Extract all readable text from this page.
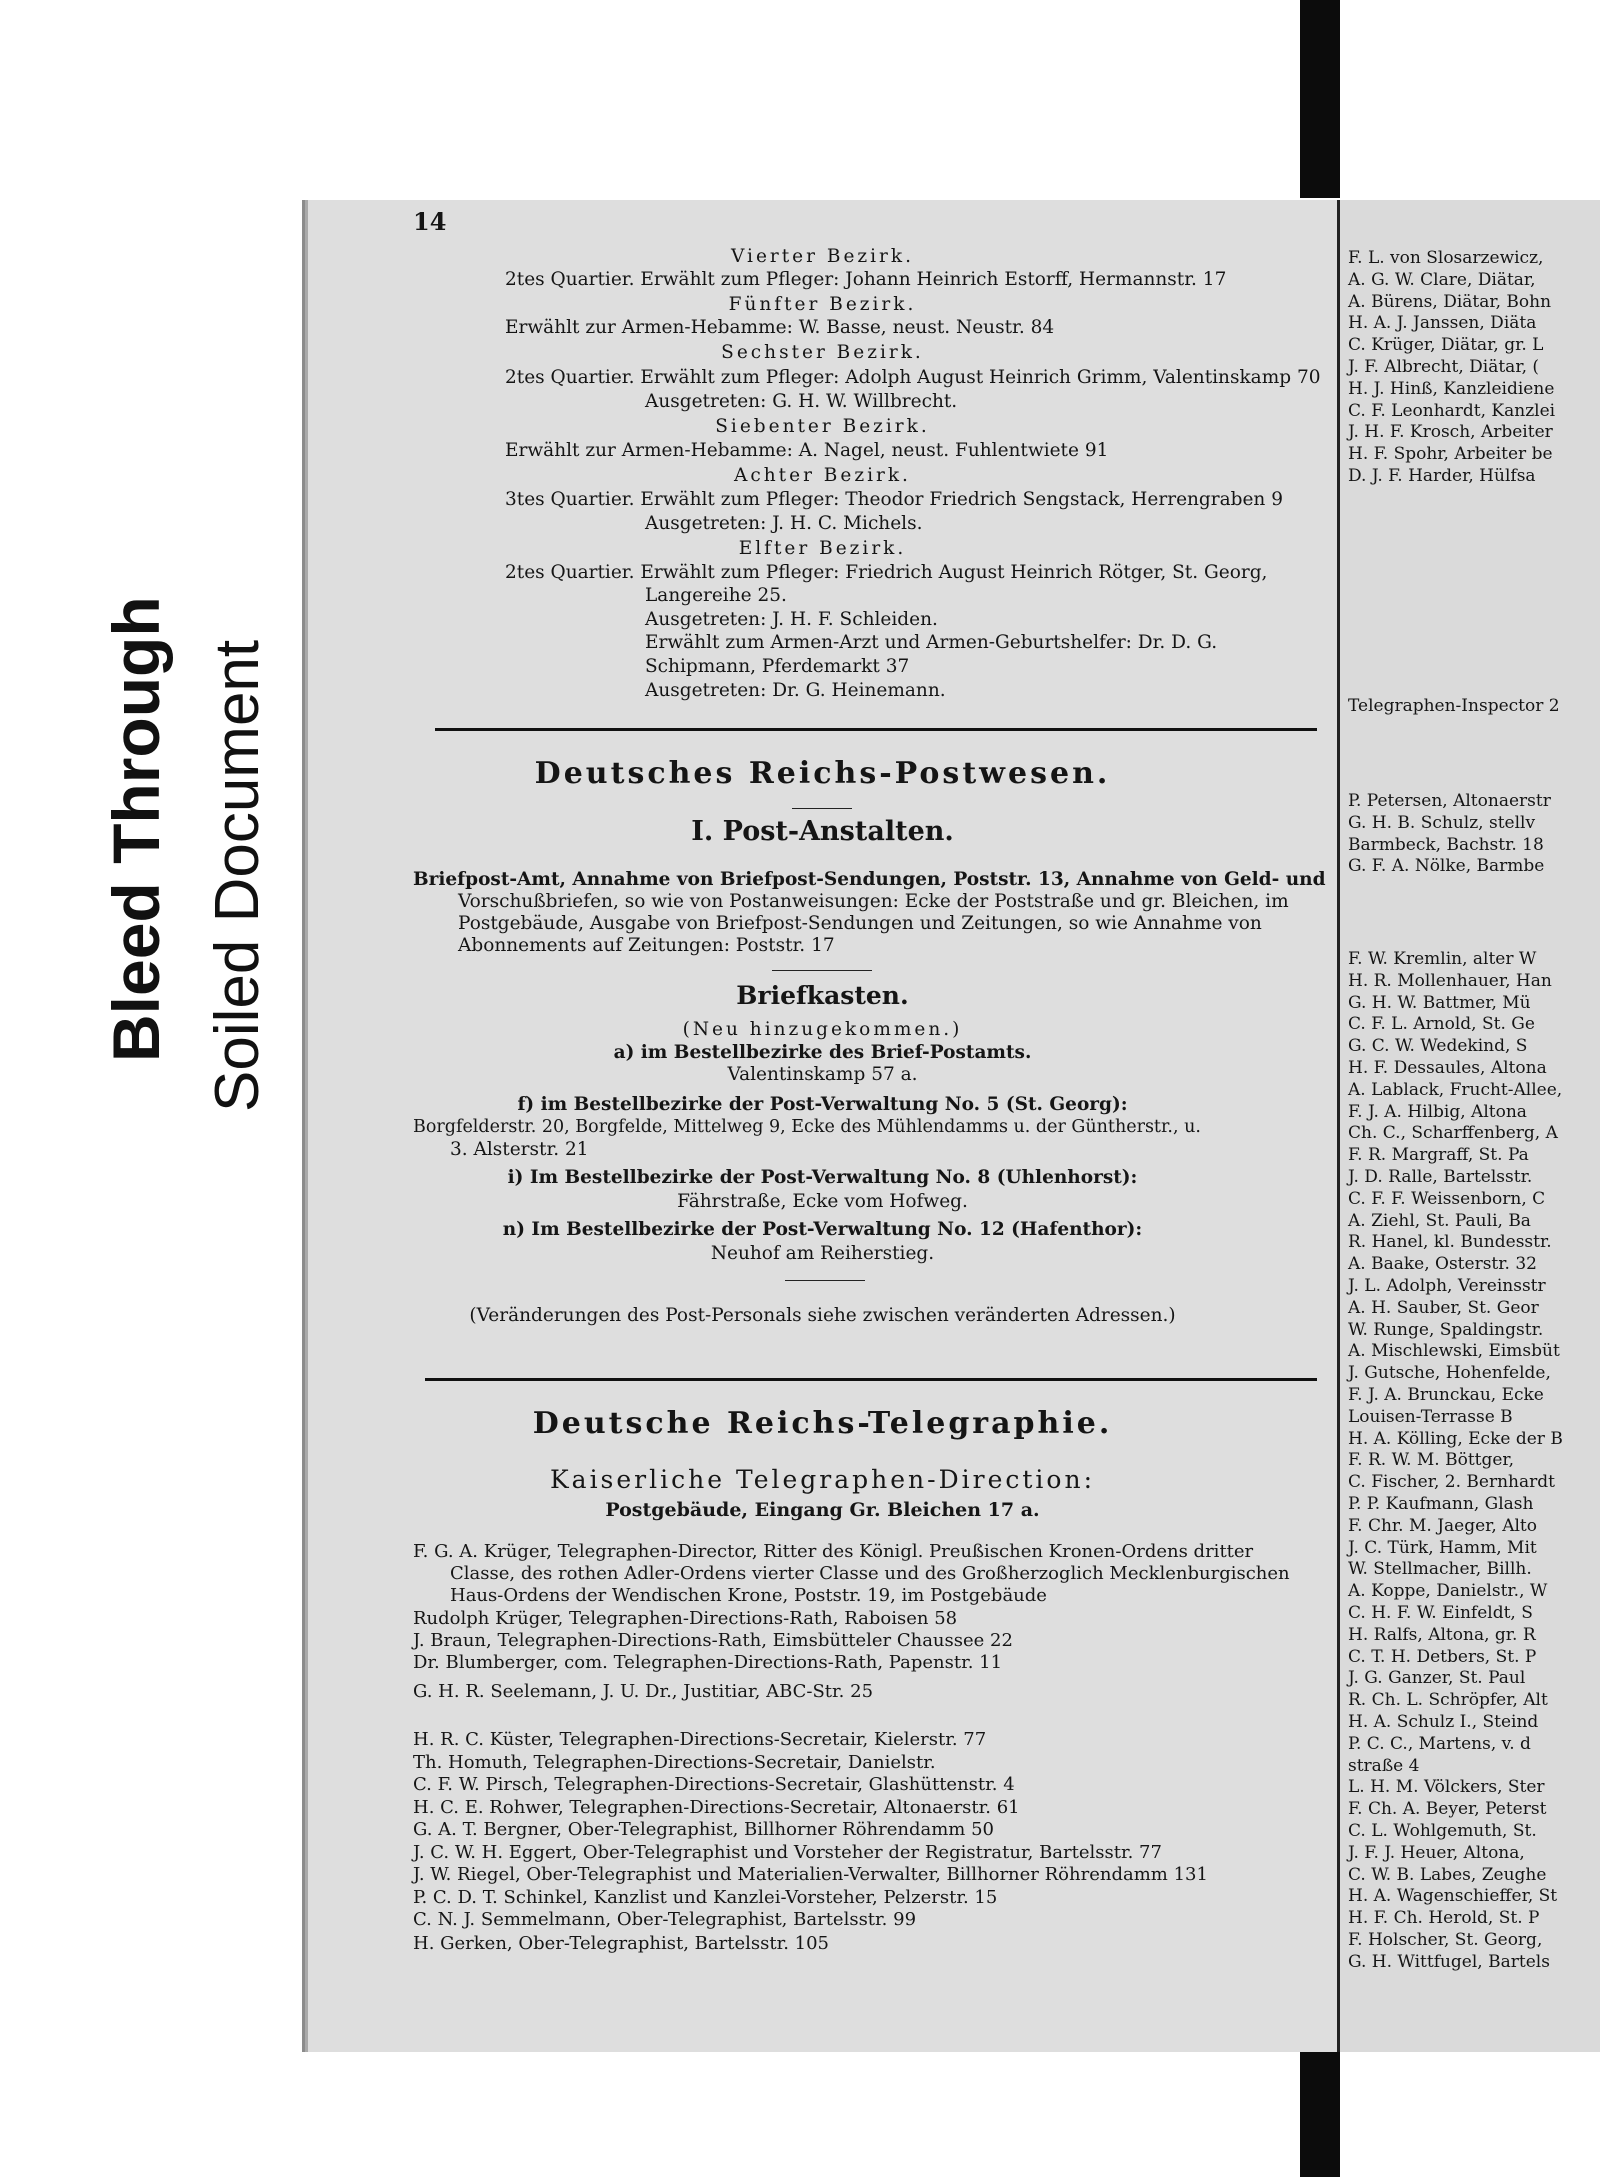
Bleed Through Soiled Document
14
Vierter Bezirk.
2tes Quartier. Erwählt zum Pfleger: Johann Heinrich Estorff, Hermannstr. 17
Fünfter Bezirk.
Erwählt zur Armen-Hebamme: W. Basse, neust. Neustr. 84
Sechster Bezirk.
2tes Quartier. Erwählt zum Pfleger: Adolph August Heinrich Grimm, Valentinskamp 70
Ausgetreten: G. H. W. Willbrecht.
Siebenter Bezirk.
Erwählt zur Armen-Hebamme: A. Nagel, neust. Fuhlentwiete 91
Achter Bezirk.
3tes Quartier. Erwählt zum Pfleger: Theodor Friedrich Sengstack, Herrengraben 9
Ausgetreten: J. H. C. Michels.
Elfter Bezirk.
2tes Quartier. Erwählt zum Pfleger: Friedrich August Heinrich Rötger, St. Georg,
Langereihe 25.
Ausgetreten: J. H. F. Schleiden.
Erwählt zum Armen-Arzt und Armen-Geburtshelfer: Dr. D. G.
Schipmann, Pferdemarkt 37
Ausgetreten: Dr. G. Heinemann.
Deutsches Reichs-Postwesen.
I. Post-Anstalten.
Briefpost-Amt, Annahme von Briefpost-Sendungen, Poststr. 13, Annahme von Geld- und
Vorschußbriefen, so wie von Postanweisungen: Ecke der Poststraße und gr. Bleichen, im
Postgebäude, Ausgabe von Briefpost-Sendungen und Zeitungen, so wie Annahme von
Abonnements auf Zeitungen: Poststr. 17
Briefkasten.
(Neu hinzugekommen.)
a) im Bestellbezirke des Brief-Postamts.
Valentinskamp 57 a.
f) im Bestellbezirke der Post-Verwaltung No. 5 (St. Georg):
Borgfelderstr. 20, Borgfelde, Mittelweg 9, Ecke des Mühlendamms u. der Güntherstr., u.
3. Alsterstr. 21
i) Im Bestellbezirke der Post-Verwaltung No. 8 (Uhlenhorst):
Fährstraße, Ecke vom Hofweg.
n) Im Bestellbezirke der Post-Verwaltung No. 12 (Hafenthor):
Neuhof am Reiherstieg.
(Veränderungen des Post-Personals siehe zwischen veränderten Adressen.)
Deutsche Reichs-Telegraphie.
Kaiserliche Telegraphen-Direction:
Postgebäude, Eingang Gr. Bleichen 17 a.
F. G. A. Krüger, Telegraphen-Director, Ritter des Königl. Preußischen Kronen-Ordens dritter
Classe, des rothen Adler-Ordens vierter Classe und des Großherzoglich Mecklenburgischen
Haus-Ordens der Wendischen Krone, Poststr. 19, im Postgebäude
Rudolph Krüger, Telegraphen-Directions-Rath, Raboisen 58
J. Braun, Telegraphen-Directions-Rath, Eimsbütteler Chaussee 22
Dr. Blumberger, com. Telegraphen-Directions-Rath, Papenstr. 11
G. H. R. Seelemann, J. U. Dr., Justitiar, ABC-Str. 25
H. R. C. Küster, Telegraphen-Directions-Secretair, Kielerstr. 77
Th. Homuth, Telegraphen-Directions-Secretair, Danielstr.
C. F. W. Pirsch, Telegraphen-Directions-Secretair, Glashüttenstr. 4
H. C. E. Rohwer, Telegraphen-Directions-Secretair, Altonaerstr. 61
G. A. T. Bergner, Ober-Telegraphist, Billhorner Röhrendamm 50
J. C. W. H. Eggert, Ober-Telegraphist und Vorsteher der Registratur, Bartelsstr. 77
J. W. Riegel, Ober-Telegraphist und Materialien-Verwalter, Billhorner Röhrendamm 131
P. C. D. T. Schinkel, Kanzlist und Kanzlei-Vorsteher, Pelzerstr. 15
C. N. J. Semmelmann, Ober-Telegraphist, Bartelsstr. 99
H. Gerken, Ober-Telegraphist, Bartelsstr. 105
F. L. von Slosarzewicz,
A. G. W. Clare, Diätar,
A. Bürens, Diätar, Bohn
H. A. J. Janssen, Diäta
C. Krüger, Diätar, gr. L
J. F. Albrecht, Diätar, (
H. J. Hinß, Kanzleidiene
C. F. Leonhardt, Kanzlei
J. H. F. Krosch, Arbeiter
H. F. Spohr, Arbeiter be
D. J. F. Harder, Hülfsa
Telegraphen-Inspector 2
P. Petersen, Altonaerstr
G. H. B. Schulz, stellv
Barmbeck, Bachstr. 18
G. F. A. Nölke, Barmbe
F. W. Kremlin, alter W
H. R. Mollenhauer, Han
G. H. W. Battmer, Mü
C. F. L. Arnold, St. Ge
G. C. W. Wedekind, S
H. F. Dessaules, Altona
A. Lablack, Frucht-Allee,
F. J. A. Hilbig, Altona
Ch. C., Scharffenberg, A
F. R. Margraff, St. Pa
J. D. Ralle, Bartelsstr.
C. F. F. Weissenborn, C
A. Ziehl, St. Pauli, Ba
R. Hanel, kl. Bundesstr.
A. Baake, Osterstr. 32
J. L. Adolph, Vereinsstr
A. H. Sauber, St. Geor
W. Runge, Spaldingstr.
A. Mischlewski, Eimsbüt
J. Gutsche, Hohenfelde,
F. J. A. Brunckau, Ecke
Louisen-Terrasse B
H. A. Kölling, Ecke der B
F. R. W. M. Böttger,
C. Fischer, 2. Bernhardt
P. P. Kaufmann, Glash
F. Chr. M. Jaeger, Alto
J. C. Türk, Hamm, Mit
W. Stellmacher, Billh.
A. Koppe, Danielstr., W
C. H. F. W. Einfeldt, S
H. Ralfs, Altona, gr. R
C. T. H. Detbers, St. P
J. G. Ganzer, St. Paul
R. Ch. L. Schröpfer, Alt
H. A. Schulz I., Steind
P. C. C., Martens, v. d
straße 4
L. H. M. Völckers, Ster
F. Ch. A. Beyer, Peterst
C. L. Wohlgemuth, St.
J. F. J. Heuer, Altona,
C. W. B. Labes, Zeughe
H. A. Wagenschieffer, St
H. F. Ch. Herold, St. P
F. Holscher, St. Georg,
G. H. Wittfugel, Bartels
